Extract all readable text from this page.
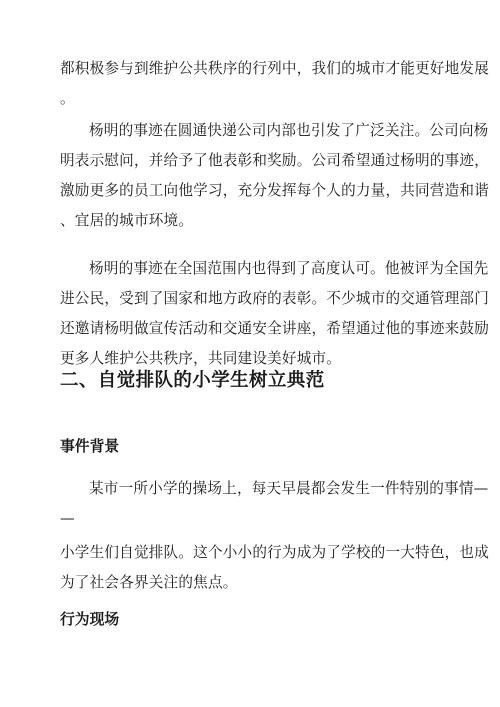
都积极参与到维护公共秩序的行列中，我们的城市才能更好地发展
。

杨明的事迹在圆通快递公司内部也引发了广泛关注。公司向杨
明表示慰问，并给予了他表彰和奖励。公司希望通过杨明的事迹，
激励更多的员工向他学习，充分发挥每个人的力量，共同营造和谐
、宜居的城市环境。

杨明的事迹在全国范围内也得到了高度认可。他被评为全国先
进公民，受到了国家和地方政府的表彰。不少城市的交通管理部门
还邀请杨明做宣传活动和交通安全讲座，希望通过他的事迹来鼓励
更多人维护公共秩序，共同建设美好城市。

二、自觉排队的小学生树立典范
事件背景

某市一所小学的操场上，每天早晨都会发生一件特别的事情—
—

小学生们自觉排队。这个小小的行为成为了学校的一大特色，也成
为了社会各界关注的焦点。

行为现场
